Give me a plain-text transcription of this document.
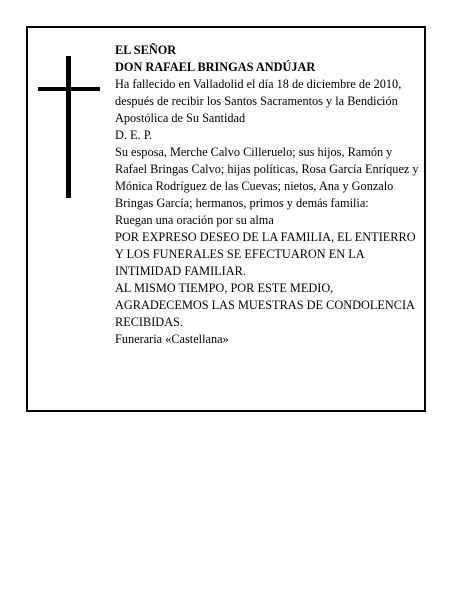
EL SEÑOR

DON RAFAEL BRINGAS ANDÚJAR

Ha fallecido en Valladolid el día 18 de diciembre de 2010, después de recibir los Santos Sacramentos y la Bendición Apostólica de Su Santidad

D. E. P.

Su esposa, Merche Calvo Cilleruelo; sus hijos, Ramón y Rafael Bringas Calvo; hijas políticas, Rosa García Enríquez y Mónica Rodríguez de las Cuevas; nietos, Ana y Gonzalo Bringas García; hermanos, primos y demás familia:

Ruegan una oración por su alma

POR EXPRESO DESEO DE LA FAMILIA, EL ENTIERRO Y LOS FUNERALES SE EFECTUARON EN LA INTIMIDAD FAMILIAR.

AL MISMO TIEMPO, POR ESTE MEDIO, AGRADECEMOS LAS MUESTRAS DE CONDOLENCIA RECIBIDAS.

Funeraria «Castellana»
